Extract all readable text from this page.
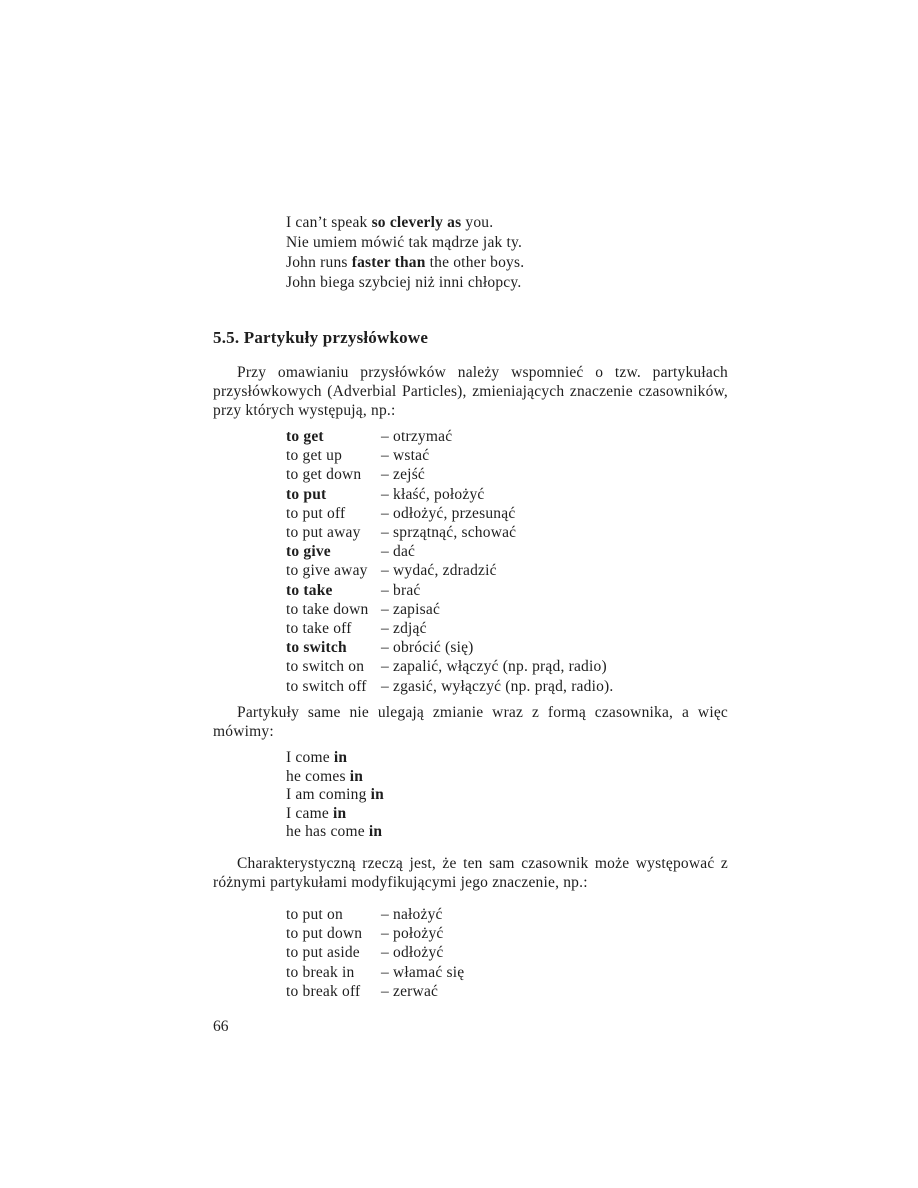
I can’t speak so cleverly as you.
Nie umiem mówić tak mądrze jak ty.
John runs faster than the other boys.
John biega szybciej niż inni chłopcy.
5.5. Partykuły przysłówkowe
Przy omawianiu przysłówków należy wspomnieć o tzw. partykułach przysłówkowych (Adverbial Particles), zmieniających znaczenie czasowników, przy których występują, np.:
to get	– otrzymać
to get up	– wstać
to get down	– zejść
to put	– kłaść, położyć
to put off	– odłożyć, przesunąć
to put away	– sprzątnąć, schować
to give	– dać
to give away – wydać, zdradzić
to take	– brać
to take down – zapisać
to take off	– zdjąć
to switch	– obrócić (się)
to switch on	– zapalić, włączyć (np. prąd, radio)
to switch off – zgasić, wyłączyć (np. prąd, radio).
Partykuły same nie ulegają zmianie wraz z formą czasownika, a więc mówimy:
I come in
he comes in
I am coming in
I came in
he has come in
Charakterystyczną rzeczą jest, że ten sam czasownik może występować z różnymi partykułami modyfikującymi jego znaczenie, np.:
to put on	– nałożyć
to put down	– położyć
to put aside	– odłożyć
to break in	– włamać się
to break off	– zerwać
66
